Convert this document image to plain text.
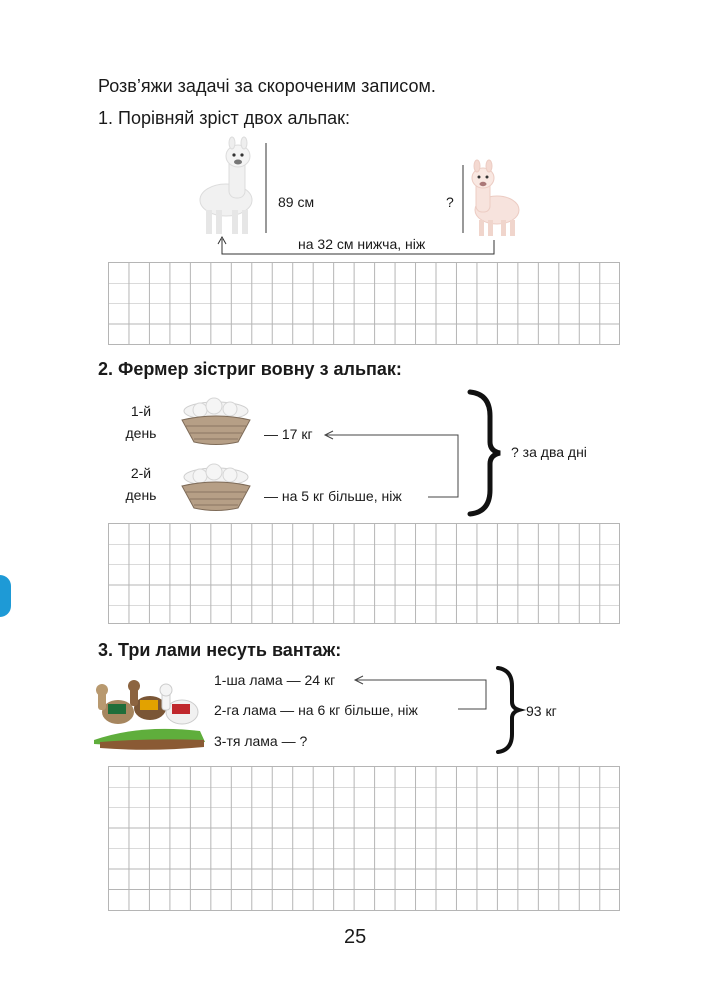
Розв’яжи задачі за скороченим записом.
1. Порівняй зріст двох альпак:
89 см	?
на 32 см нижча, ніж
2. Фермер зістриг вовну з альпак:
1-й
день
2-й
день
— 17 кг
— на 5 кг більше, ніж
? за два дні
3. Три лами несуть вантаж:
1-ша лама — 24 кг
2-га лама — на 6 кг більше, ніж
3-тя лама — ?
93 кг
25
